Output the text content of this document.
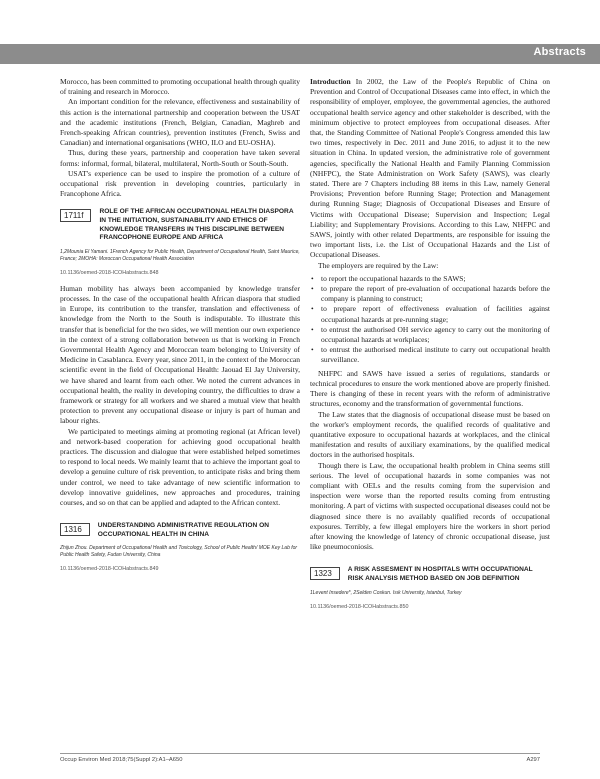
Abstracts

Morocco, has been committed to promoting occupational health through quality of training and research in Morocco.

An important condition for the relevance, effectiveness and sustainability of this action is the international partnership and cooperation between the USAT and the academic institutions (French, Belgian, Canadian, Maghreb and French-speaking African countries), prevention institutes (French, Swiss and Canadian) and international organisations (WHO, ILO and EU-OSHA).

Thus, during these years, partnership and cooperation have taken several forms: informal, formal, bilateral, multilateral, North-South or South-South.

USAT's experience can be used to inspire the promotion of a culture of occupational risk prevention in developing countries, particularly in Francophone Africa.

1711f	ROLE OF THE AFRICAN OCCUPATIONAL HEALTH DIASPORA IN THE INITIATION, SUSTAINABILITY AND ETHICS OF KNOWLEDGE TRANSFERS IN THIS DISCIPLINE BETWEEN FRANCOPHONE EUROPE AND AFRICA
1,2Mounia El Yamani. 1French Agency for Public Health, Department of Occupational Health, Saint Maurice, France; 2MOHA: Moroccan Occupational Health Association
10.1136/oemed-2018-ICOHabstracts.848

Human mobility has always been accompanied by knowledge transfer processes. In the case of the occupational health African diaspora that studied in Europe, its contribution to the transfer, translation and effectiveness of knowledge from the North to the South is indisputable. To illustrate this transfer that is beneficial for the two sides, we will mention our own experience in the context of a strong collaboration between us that is working in French Governmental Health Agency and Moroccan team belonging to University of Medicine in Casablanca. Every year, since 2011, in the context of the Moroccan scientific event in the field of Occupational Health: Jaouad El Jay University, we have shared and learnt from each other. We noted the current advances in occupational health, the reality in developing country, the difficulties to draw a framework or strategy for all workers and we shared a mutual view that health protection to prevent any occupational disease or injury is part of human and labour rights.

We participated to meetings aiming at promoting regional (at African level) and network-based cooperation for achieving good occupational health practices. The discussion and dialogue that were established helped sometimes to respond to local needs. We mainly learnt that to achieve the important goal to develop a genuine culture of risk prevention, to anticipate risks and bring them under control, we need to take advantage of new scientific information to develop innovative guidelines, new approaches and procedures, training courses, and so on that can be applied and adapted to the African context.

1316	UNDERSTANDING ADMINISTRATIVE REGULATION ON OCCUPATIONAL HEALTH IN CHINA
Zhijun Zhou. Department of Occupational Health and Toxicology, School of Public Health/ MOE Key Lab for Public Health Safety, Fudan University, China
10.1136/oemed-2018-ICOHabstracts.849

Introduction In 2002, the Law of the People's Republic of China on Prevention and Control of Occupational Diseases came into effect, in which the responsibility of employer, employee, the governmental agencies, the authored occupational health service agency and other stakeholder is described, with the minimum objective to protect employees from occupational diseases. After that, the Standing Committee of National People's Congress amended this law two times, respectively in Dec. 2011 and June 2016, to adjust it to the new situation in China. In updated version, the administrative role of government agencies, specifically the National Health and Family Planning Commission (NHFPC), the State Administration on Work Safety (SAWS), was clearly stated. There are 7 Chapters including 88 items in this Law, namely General Provisions; Prevention before Running Stage; Protection and Management during Running Stage; Diagnosis of Occupational Diseases and Ensure of Victims with Occupational Disease; Supervision and Inspection; Legal Liability; and Supplementary Provisions. According to this Law, NHFPC and SAWS, jointly with other related Departments, are responsible for issuing the two important lists, i.e. the List of Occupational Hazards and the List of Occupational Diseases.

The employers are required by the Law:

• to report the occupational hazards to the SAWS;
• to prepare the report of pre-evaluation of occupational hazards before the company is planning to construct;
• to prepare report of effectiveness evaluation of facilities against occupational hazards at pre-running stage;
• to entrust the authorised OH service agency to carry out the monitoring of occupational hazards at workplaces;
• to entrust the authorised medical institute to carry out occupational health surveillance.

NHFPC and SAWS have issued a series of regulations, standards or technical procedures to ensure the work mentioned above are properly finished. There is changing of these in recent years with the reform of administrative structures, economy and the transformation of governmental functions.

The Law states that the diagnosis of occupational disease must be based on the worker's employment records, the qualified records of qualitative and quantitative exposure to occupational hazards at workplaces, and the clinical manifestation and results of auxiliary examinations, by the qualified medical doctors in the authorised hospitals.

Though there is Law, the occupational health problem in China seems still serious. The level of occupational hazards in some companies was not compliant with OELs and the results coming from the supervision and inspection were worse than the reported results coming from entrusting monitoring. A part of victims with suspected occupational diseases could not be diagnosed since there is no availably qualified records of occupational exposures. Terribly, a few illegal employers hire the workers in short period after knowing the knowledge of latency of chronic occupational disease, just like pneumoconiosis.

1323	A RISK ASSESMENT IN HOSPITALS WITH OCCUPATIONAL RISK ANALYSIS METHOD BASED ON JOB DEFINITION
1Levent Insedere*, 2Selden Coskun. Isık University, Istanbul, Turkey
10.1136/oemed-2018-ICOHabstracts.850
Occup Environ Med 2018;75(Suppl 2):A1–A650	A297
